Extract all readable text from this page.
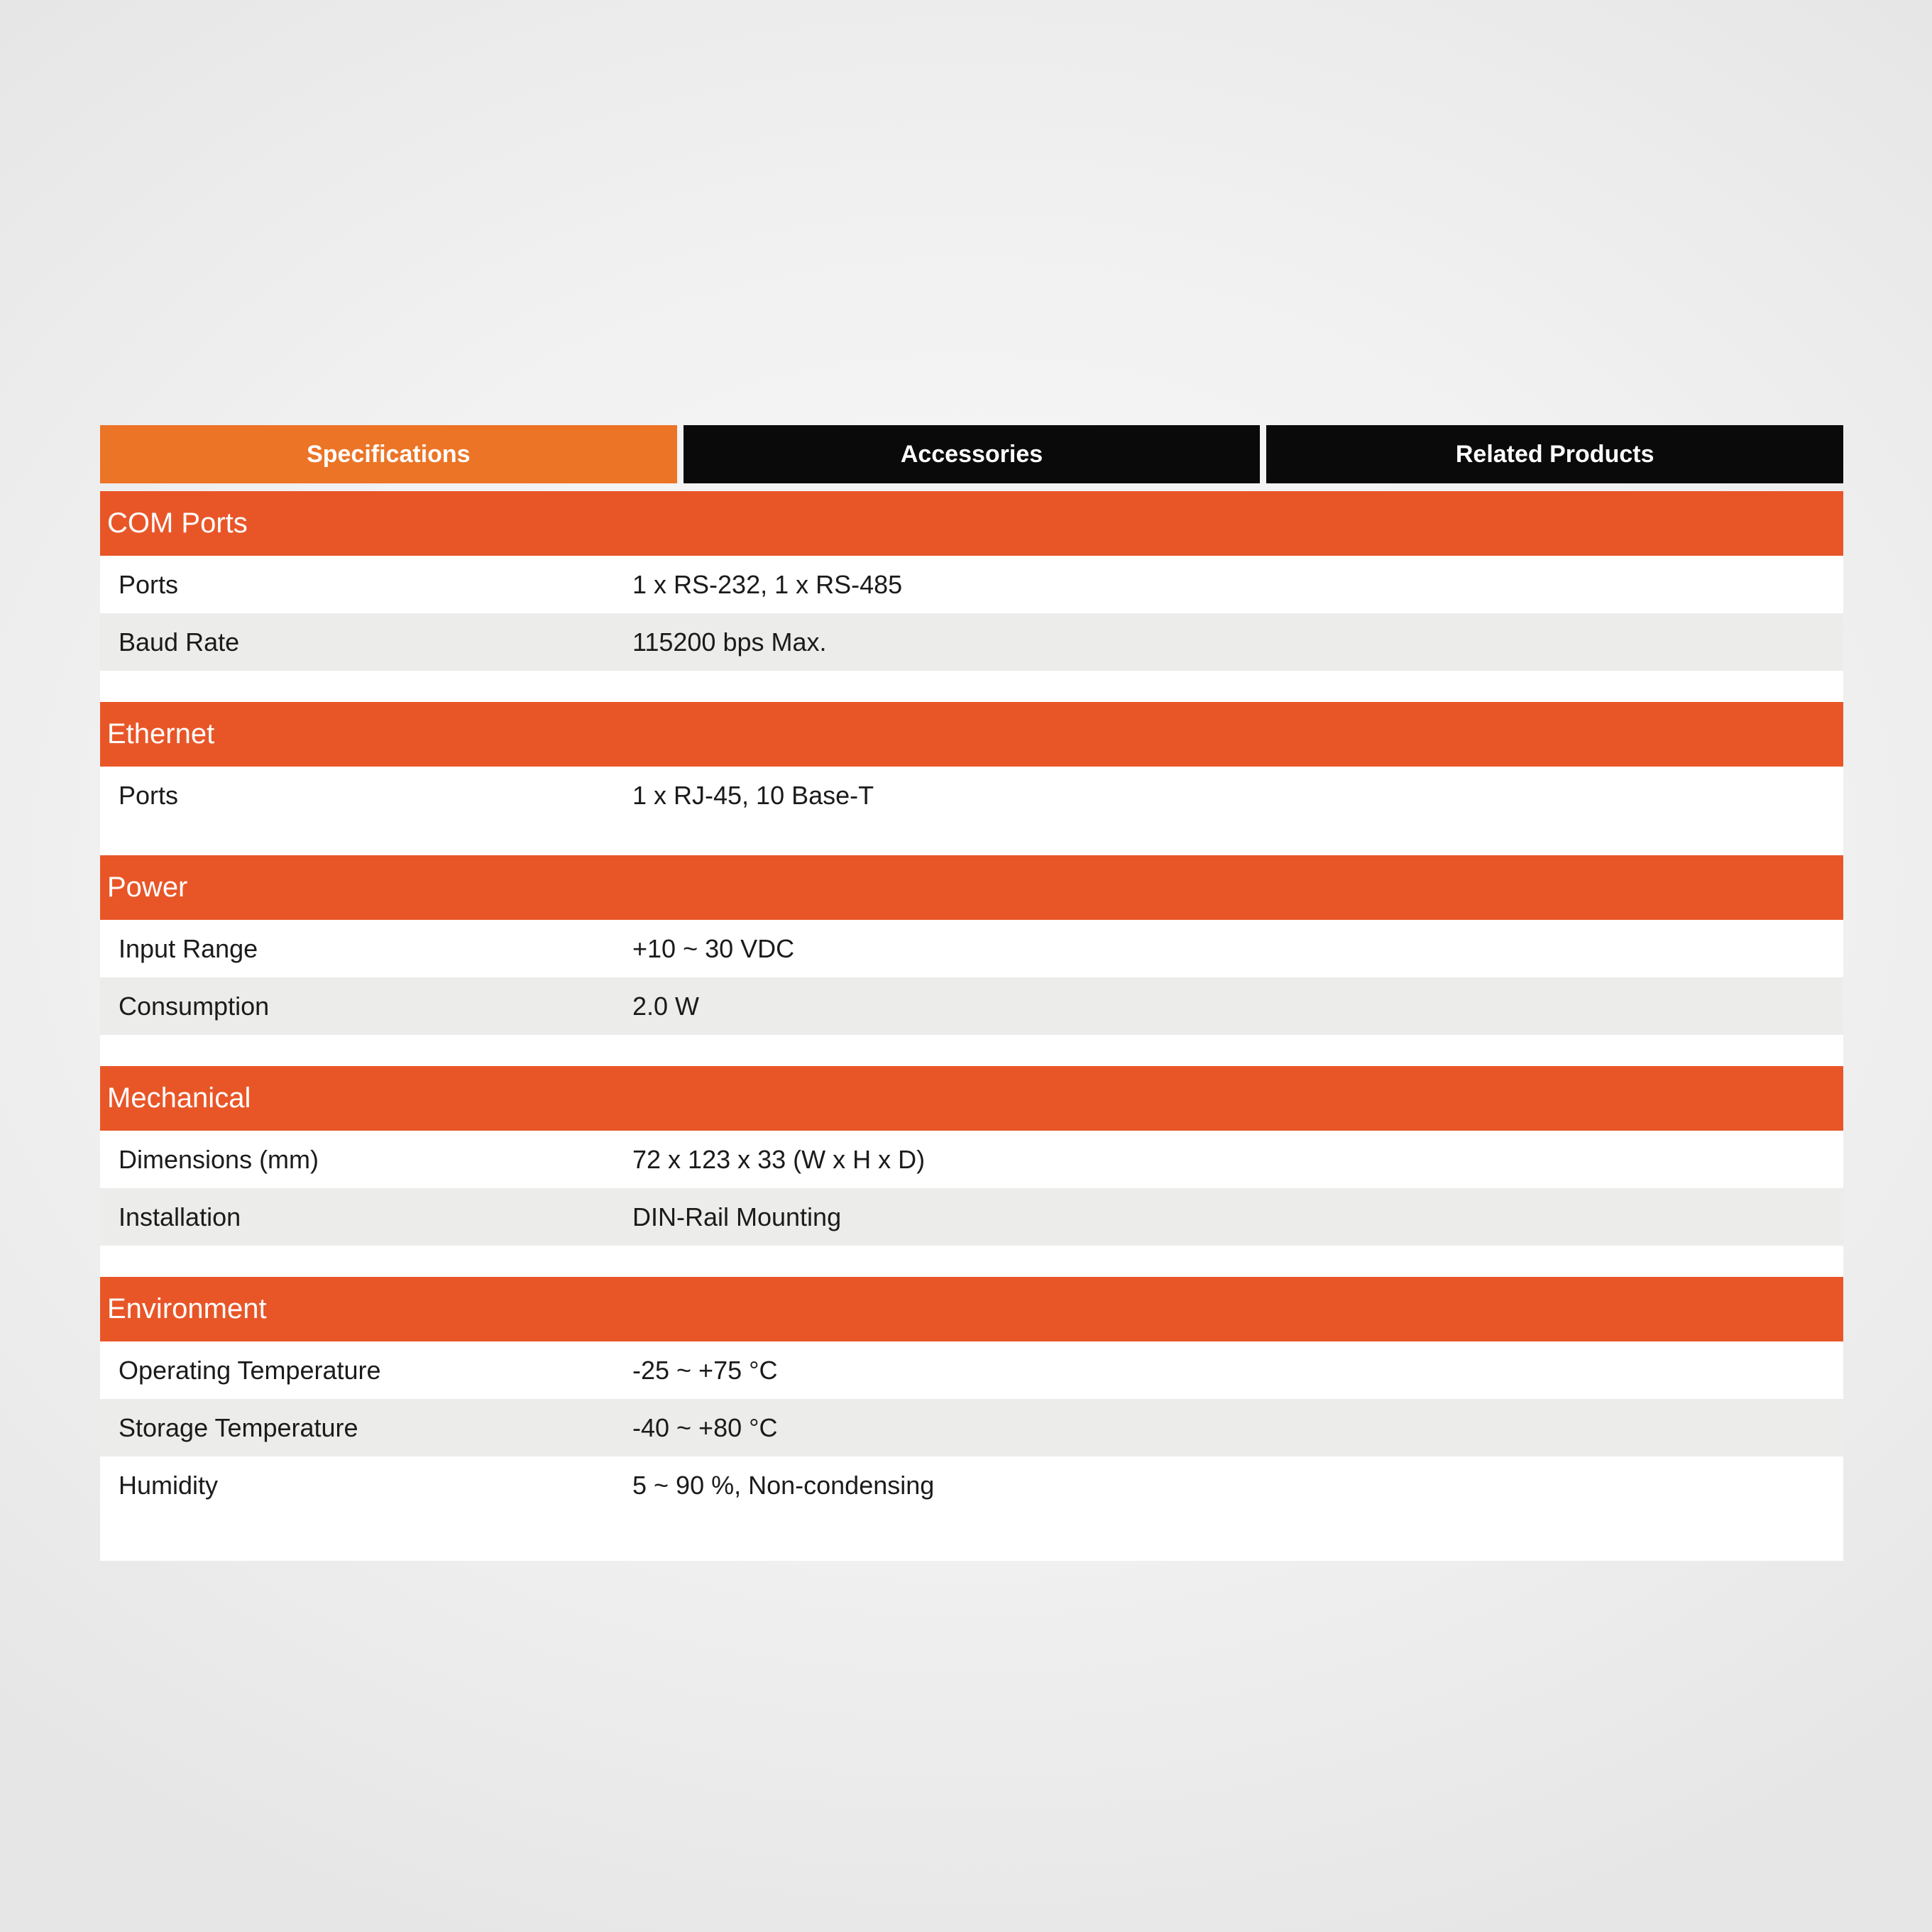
Specifications	Accessories	Related Products
COM Ports
Ports	1 x RS-232, 1 x RS-485
Baud Rate	115200 bps Max.
Ethernet
Ports	1 x RJ-45, 10 Base-T
Power
Input Range	+10 ~ 30 VDC
Consumption	2.0 W
Mechanical
Dimensions (mm)	72 x 123 x 33 (W x H x D)
Installation	DIN-Rail Mounting
Environment
Operating Temperature	-25 ~ +75 °C
Storage Temperature	-40 ~ +80 °C
Humidity	5 ~ 90 %, Non-condensing
